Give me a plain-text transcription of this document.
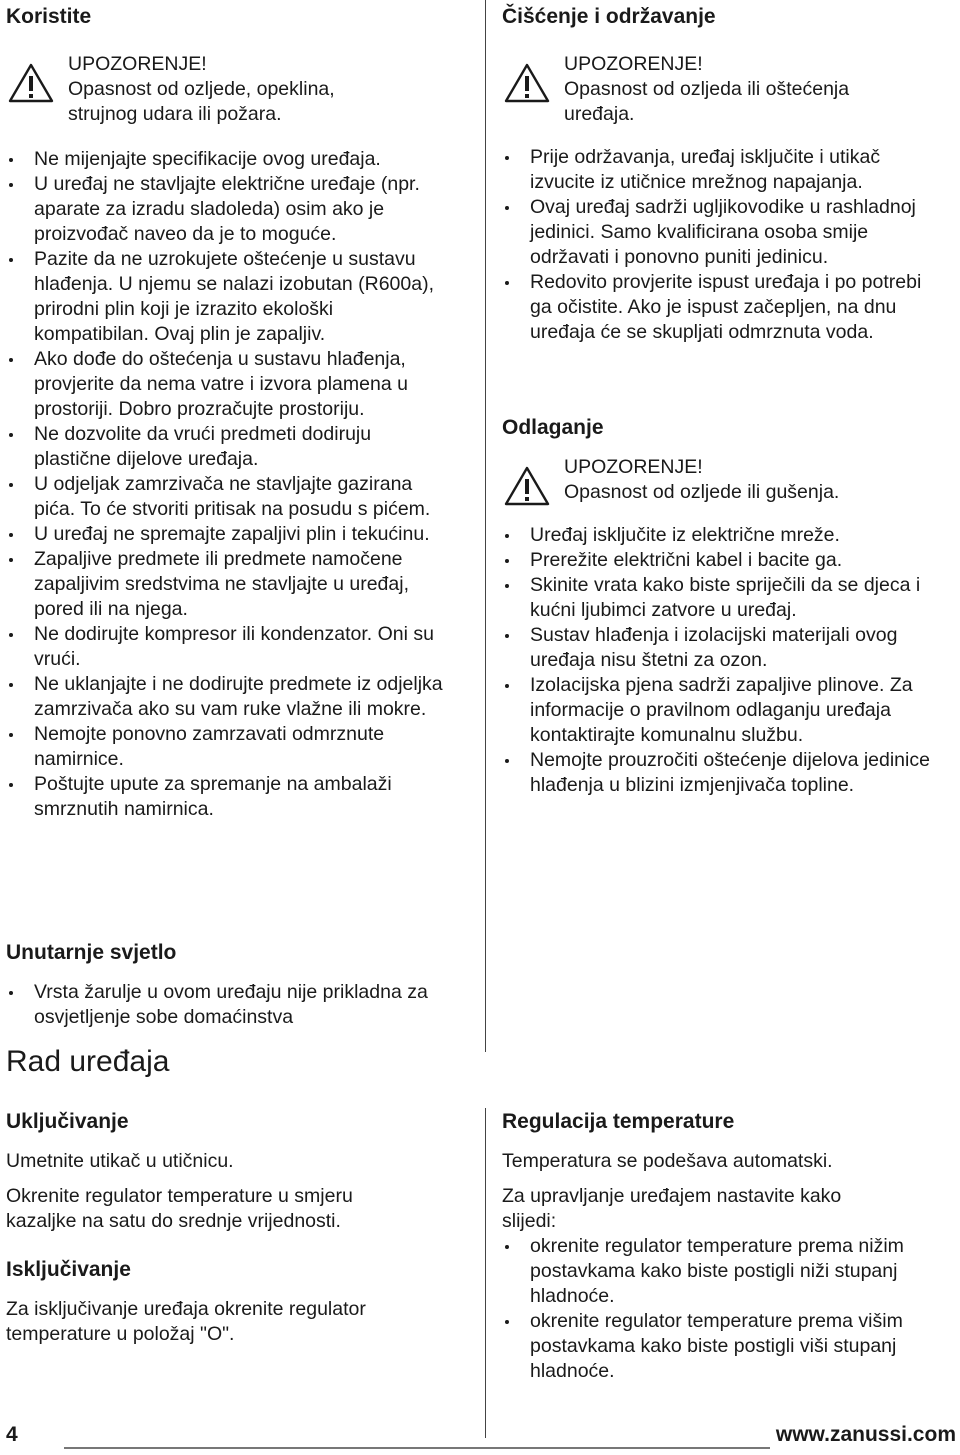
Koristite
UPOZORENJE!
Opasnost od ozljede, opeklina, strujnog udara ili požara.
Ne mijenjajte specifikacije ovog uređaja.
U uređaj ne stavljajte električne uređaje (npr. aparate za izradu sladoleda) osim ako je proizvođač naveo da je to moguće.
Pazite da ne uzrokujete oštećenje u sustavu hlađenja. U njemu se nalazi izobutan (R600a), prirodni plin koji je izrazito ekološki kompatibilan. Ovaj plin je zapaljiv.
Ako dođe do oštećenja u sustavu hlađenja, provjerite da nema vatre i izvora plamena u prostoriji. Dobro prozračujte prostoriju.
Ne dozvolite da vrući predmeti dodiruju plastične dijelove uređaja.
U odjeljak zamrzivača ne stavljajte gazirana pića. To će stvoriti pritisak na posudu s pićem.
U uređaj ne spremajte zapaljivi plin i tekućinu.
Zapaljive predmete ili predmete namočene zapaljivim sredstvima ne stavljajte u uređaj, pored ili na njega.
Ne dodirujte kompresor ili kondenzator. Oni su vrući.
Ne uklanjajte i ne dodirujte predmete iz odjeljka zamrzivača ako su vam ruke vlažne ili mokre.
Nemojte ponovno zamrzavati odmrznute namirnice.
Poštujte upute za spremanje na ambalaži smrznutih namirnica.
Unutarnje svjetlo
Vrsta žarulje u ovom uređaju nije prikladna za osvjetljenje sobe domaćinstva
Rad uređaja
Čišćenje i održavanje
UPOZORENJE!
Opasnost od ozljeda ili oštećenja uređaja.
Prije održavanja, uređaj isključite i utikač izvucite iz utičnice mrežnog napajanja.
Ovaj uređaj sadrži ugljikovodike u rashladnoj jedinici. Samo kvalificirana osoba smije održavati i ponovno puniti jedinicu.
Redovito provjerite ispust uređaja i po potrebi ga očistite. Ako je ispust začepljen, na dnu uređaja će se skupljati odmrznuta voda.
Odlaganje
UPOZORENJE!
Opasnost od ozljede ili gušenja.
Uređaj isključite iz električne mreže.
Prerežite električni kabel i bacite ga.
Skinite vrata kako biste spriječili da se djeca i kućni ljubimci zatvore u uređaj.
Sustav hlađenja i izolacijski materijali ovog uređaja nisu štetni za ozon.
Izolacijska pjena sadrži zapaljive plinove. Za informacije o pravilnom odlaganju uređaja kontaktirajte komunalnu službu.
Nemojte prouzročiti oštećenje dijelova jedinice hlađenja u blizini izmjenjivača topline.
Uključivanje
Umetnite utikač u utičnicu.
Okrenite regulator temperature u smjeru kazaljke na satu do srednje vrijednosti.
Isključivanje
Za isključivanje uređaja okrenite regulator temperature u položaj "O".
Regulacija temperature
Temperatura se podešava automatski.
Za upravljanje uređajem nastavite kako slijedi:
okrenite regulator temperature prema nižim postavkama kako biste postigli niži stupanj hladnoće.
okrenite regulator temperature prema višim postavkama kako biste postigli viši stupanj hladnoće.
4	www.zanussi.com
